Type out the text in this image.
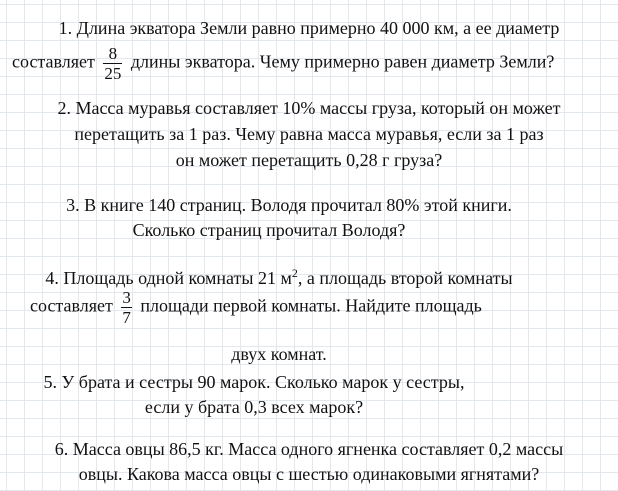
1. Длина экватора Земли равно примерно 40 000 км, а ее диаметр
составляет $\frac{8}{25}$ длины экватора. Чему примерно равен диаметр Земли?
2. Масса муравья составляет 10% массы груза, который он может
перетащить за 1 раз. Чему равна масса муравья, если за 1 раз
он может перетащить 0,28 г груза?
3. В книге 140 страниц. Володя прочитал 80% этой книги.
Сколько страниц прочитал Володя?
4. Площадь одной комнаты 21 $м^2$, а площадь второй комнаты
составляет $\frac{3}{7}$ площади первой комнаты. Найдите площадь
двух комнат.
5. У брата и сестры 90 марок. Сколько марок у сестры,
если у брата 0,3 всех марок?
6. Масса овцы 86,5 кг. Масса одного ягненка составляет 0,2 массы
овцы. Какова масса овцы с шестью одинаковыми ягнятами?
